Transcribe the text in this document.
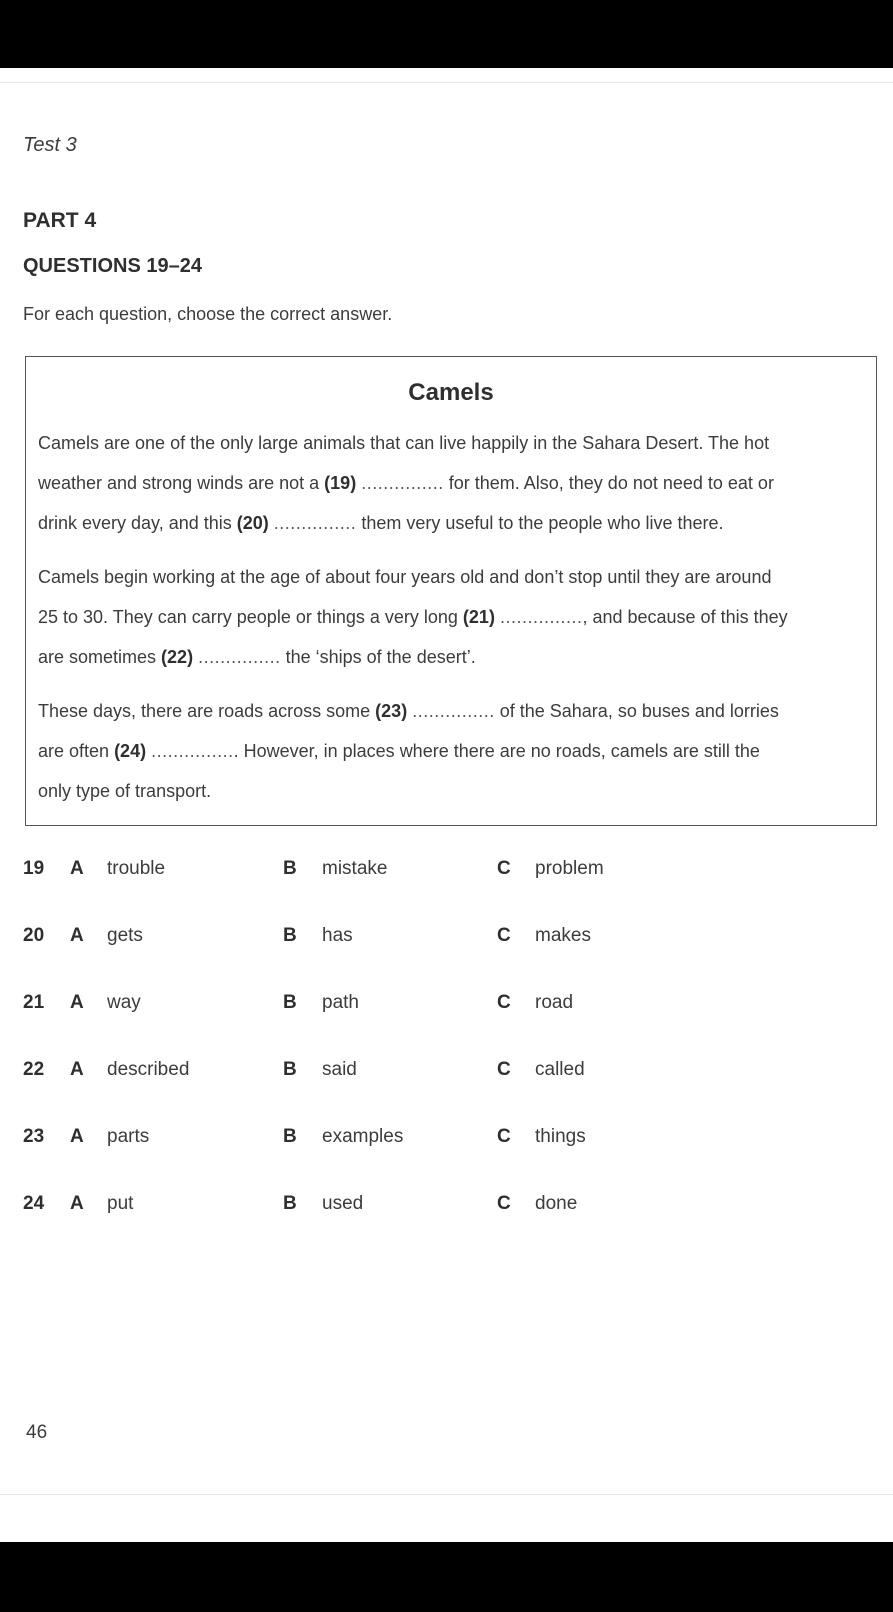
Test 3
PART 4
QUESTIONS 19–24
For each question, choose the correct answer.
Camels
Camels are one of the only large animals that can live happily in the Sahara Desert. The hot
weather and strong winds are not a (19) ............... for them. Also, they do not need to eat or
drink every day, and this (20) ............... them very useful to the people who live there.
Camels begin working at the age of about four years old and don’t stop until they are around
25 to 30. They can carry people or things a very long (21) ..............., and because of this they
are sometimes (22) ............... the ‘ships of the desert’.
These days, there are roads across some (23) ............... of the Sahara, so buses and lorries
are often (24) ................ However, in places where there are no roads, camels are still the
only type of transport.
19 A trouble	B mistake	C problem
20 A gets	B has	C makes
21 A way	B path	C road
22 A described	B said	C called
23 A parts	B examples	C things
24 A put	B used	C done
46
